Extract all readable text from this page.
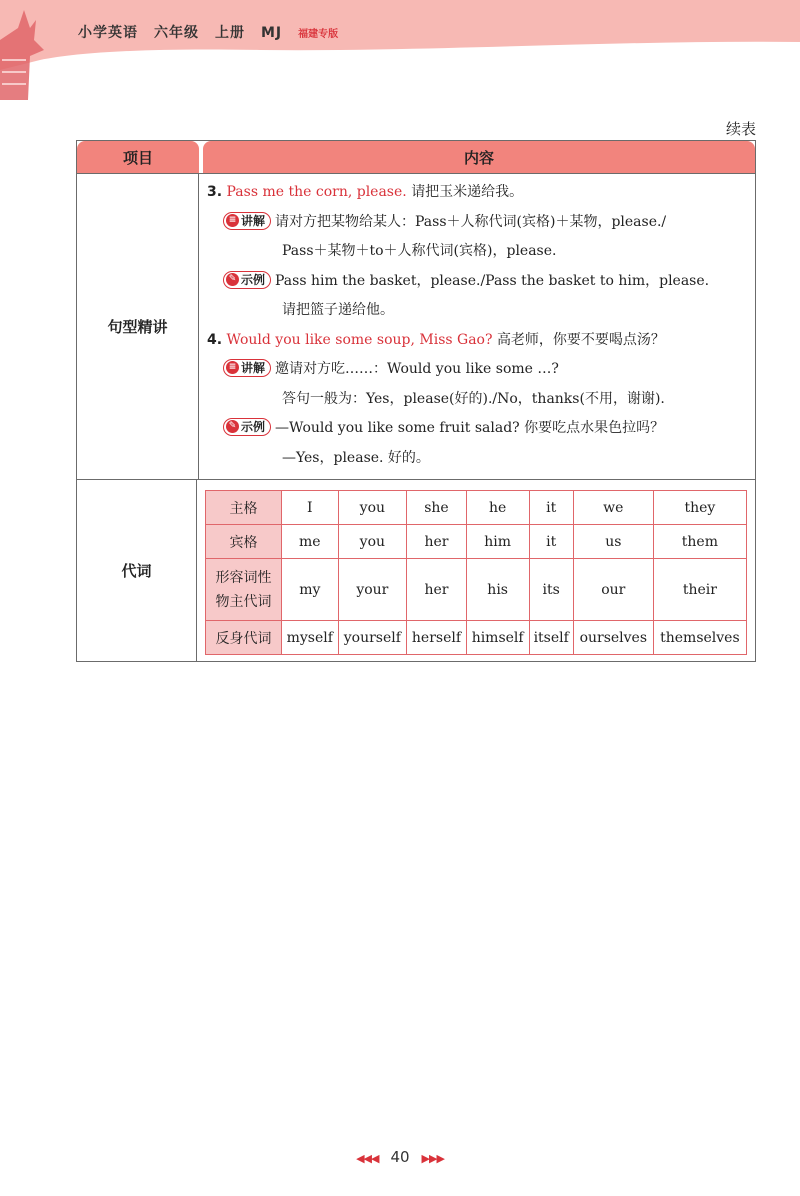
小学英语 六年级 上册 MJ 福建专版
续表
项目	内容
句型精讲
3. Pass me the corn, please. 请把玉米递给我。
≡ 讲解 请对方把某物给某人：Pass＋人称代词(宾格)＋某物，please./
Pass＋某物＋to＋人称代词(宾格)，please.
✎ 示例 Pass him the basket，please./Pass the basket to him，please.
请把篮子递给他。
4. Would you like some soup, Miss Gao? 高老师，你要不要喝点汤？
≡ 讲解 邀请对方吃……：Would you like some …?
答句一般为：Yes，please(好的)./No，thanks(不用，谢谢).
✎ 示例 —Would you like some fruit salad? 你要吃点水果色拉吗？
—Yes，please. 好的。
代词
主格	I	you	she	he	it	we	they
宾格	me	you	her	him	it	us	them

形容词性
物主代词	my	your	her	his	its	our	their
反身代词	myself	yourself	herself	himself	itself	ourselves	themselves
◀◀◀ 40 ▶▶▶
